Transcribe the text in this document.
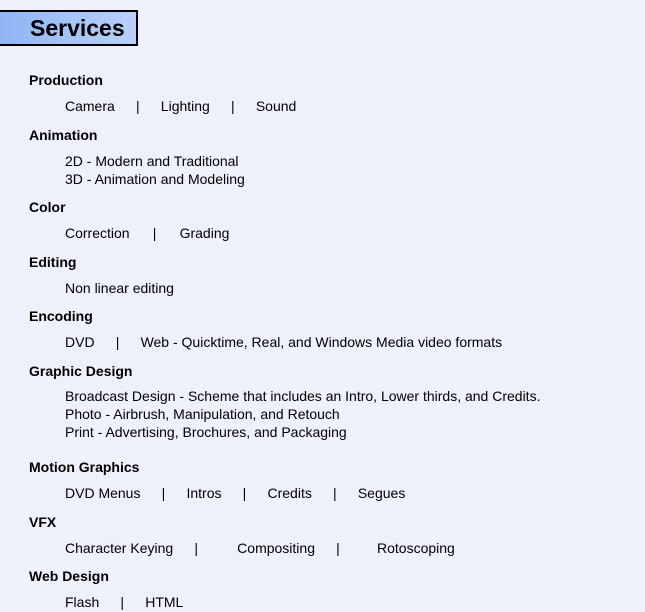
Services
Production
Camera | Lighting | Sound
Animation
2D - Modern and Traditional
3D - Animation and Modeling
Color
Correction | Grading
Editing
Non linear editing
Encoding
DVD | Web - Quicktime, Real, and Windows Media video formats
Graphic Design
Broadcast Design - Scheme that includes an Intro, Lower thirds, and Credits.
Photo - Airbrush, Manipulation, and Retouch
Print - Advertising, Brochures, and Packaging
Motion Graphics
DVD Menus | Intros | Credits | Segues
VFX
Character Keying |	Compositing |	Rotoscoping
Web Design
Flash | HTML
